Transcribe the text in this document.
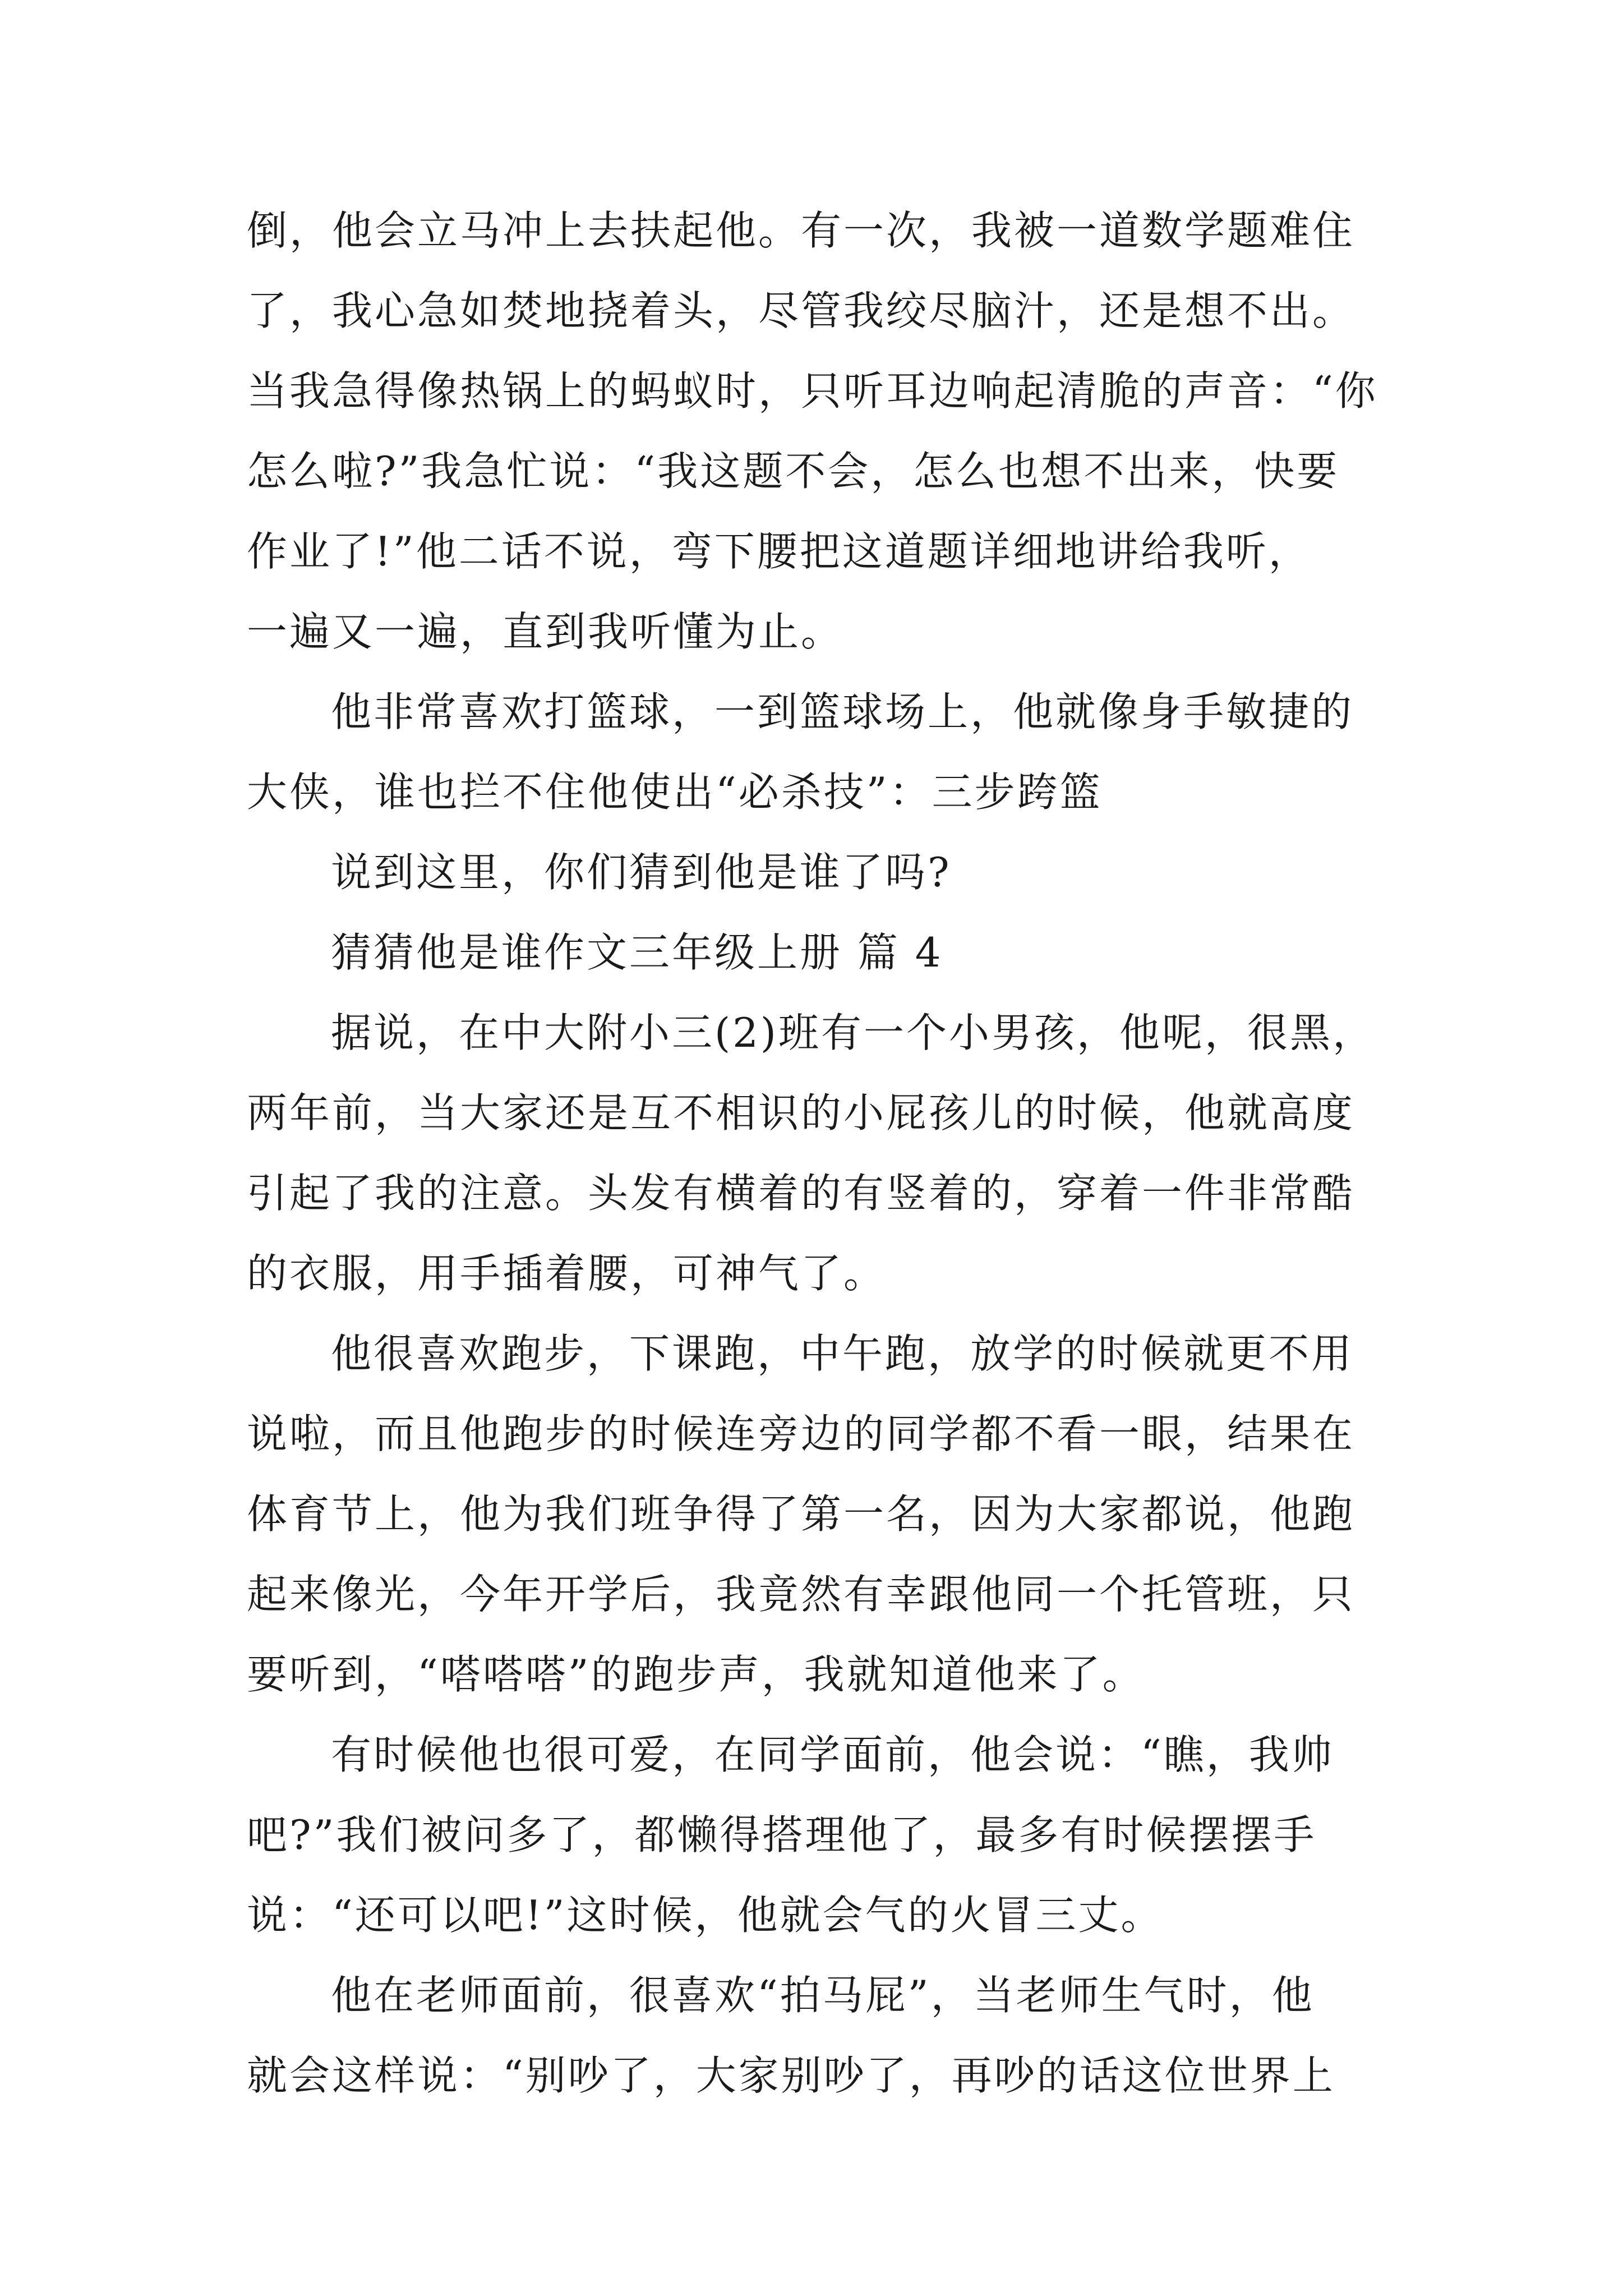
倒，他会立马冲上去扶起他。有一次，我被一道数学题难住
了，我心急如焚地挠着头，尽管我绞尽脑汁，还是想不出。
当我急得像热锅上的蚂蚁时，只听耳边响起清脆的声音：“你
怎么啦?”我急忙说：“我这题不会，怎么也想不出来，快要
作业了!”他二话不说，弯下腰把这道题详细地讲给我听，
一遍又一遍，直到我听懂为止。
他非常喜欢打篮球，一到篮球场上，他就像身手敏捷的
大侠，谁也拦不住他使出“必杀技”：三步跨篮
说到这里，你们猜到他是谁了吗?
猜猜他是谁作文三年级上册 篇 4
据说，在中大附小三(2)班有一个小男孩，他呢，很黑，
两年前，当大家还是互不相识的小屁孩儿的时候，他就高度
引起了我的注意。头发有横着的有竖着的，穿着一件非常酷
的衣服，用手插着腰，可神气了。
他很喜欢跑步，下课跑，中午跑，放学的时候就更不用
说啦，而且他跑步的时候连旁边的同学都不看一眼，结果在
体育节上，他为我们班争得了第一名，因为大家都说，他跑
起来像光，今年开学后，我竟然有幸跟他同一个托管班，只
要听到，“嗒嗒嗒”的跑步声，我就知道他来了。
有时候他也很可爱，在同学面前，他会说：“瞧，我帅
吧?”我们被问多了，都懒得搭理他了，最多有时候摆摆手
说：“还可以吧!”这时候，他就会气的火冒三丈。
他在老师面前，很喜欢“拍马屁”，当老师生气时，他
就会这样说：“别吵了，大家别吵了，再吵的话这位世界上
